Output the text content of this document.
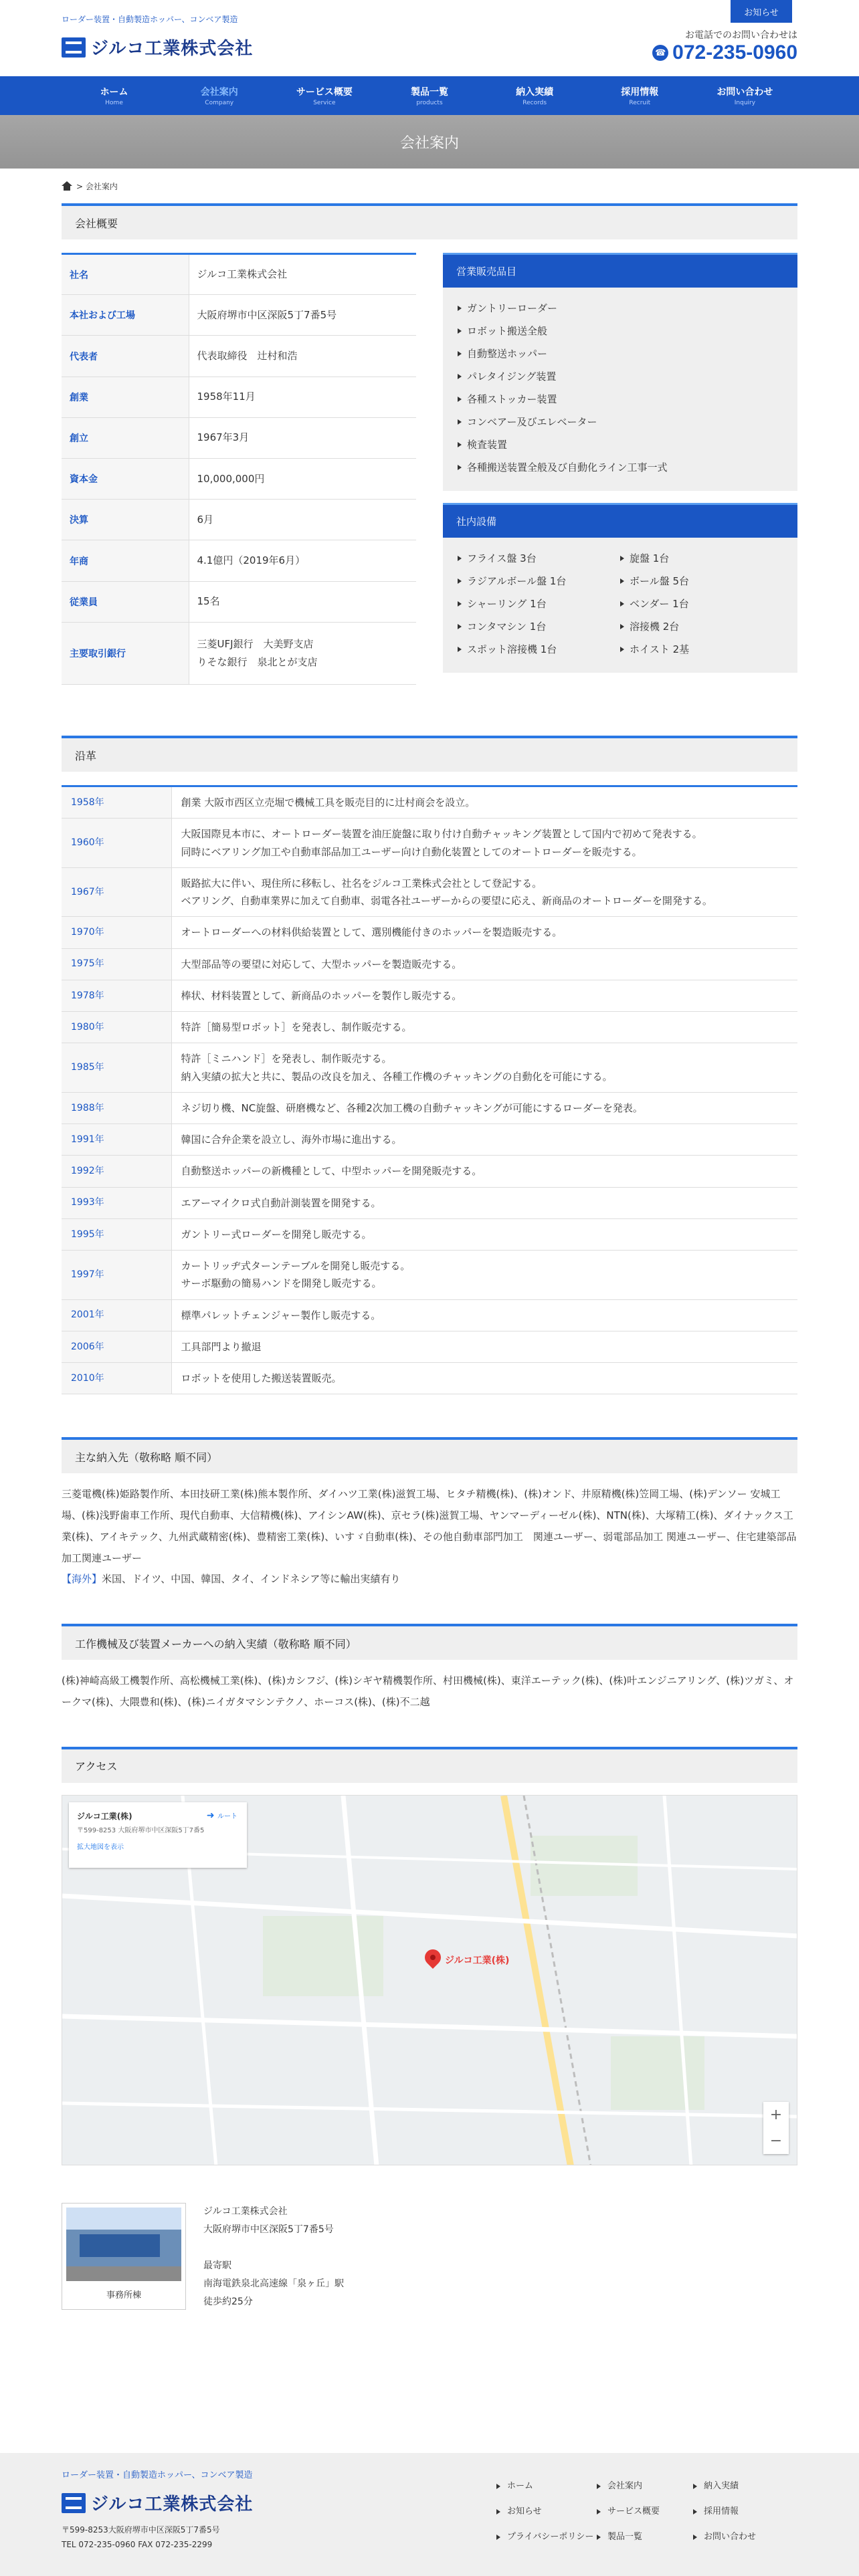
ローダー装置・自動製造ホッパー、コンベア製造
ジルコ工業株式会社
お知らせ
お電話でのお問い合わせは
☎ 072-235-0960
ホーム
Home
会社案内
Company
サービス概要
Service
製品一覧
products
納入実績
Records
採用情報
Recruit
お問い合わせ
Inquiry
会社案内
> 会社案内
会社概要
社名	ジルコ工業株式会社
本社および工場	大阪府堺市中区深阪5丁7番5号
代表者	代表取締役　辻村和浩
創業	1958年11月
創立	1967年3月
資本金	10,000,000円
決算	6月
年商	4.1億円（2019年6月）
従業員	15名
主要取引銀行	三菱UFJ銀行　大美野支店
りそな銀行　泉北とが支店
営業販売品目
ガントリーローダー
ロボット搬送全般
自動整送ホッパー
パレタイジング装置
各種ストッカー装置
コンベアー及びエレベーター
検査装置
各種搬送装置全般及び自動化ライン工事一式
社内設備
フライス盤 3台	旋盤 1台
ラジアルボール盤 1台	ボール盤 5台
シャーリング 1台	ベンダー 1台
コンタマシン 1台	溶接機 2台
スポット溶接機 1台	ホイスト 2基
沿革
1958年	創業 大阪市西区立売堀で機械工具を販売目的に辻村商会を設立。
1960年	大阪国際見本市に、オートローダー装置を油圧旋盤に取り付け自動チャッキング装置として国内で初めて発表する。
同時にベアリング加工や自動車部品加工ユーザー向け自動化装置としてのオートローダーを販売する。
1967年	販路拡大に伴い、現住所に移転し、社名をジルコ工業株式会社として登記する。
ベアリング、自動車業界に加えて自動車、弱電各社ユーザーからの要望に応え、新商品のオートローダーを開発する。
1970年	オートローダーへの材料供給装置として、選別機能付きのホッパーを製造販売する。
1975年	大型部品等の要望に対応して、大型ホッパーを製造販売する。
1978年	棒状、材料装置として、新商品のホッパーを製作し販売する。
1980年	特許［簡易型ロボット］を発表し、制作販売する。
1985年	特許［ミニハンド］を発表し、制作販売する。
納入実績の拡大と共に、製品の改良を加え、各種工作機のチャッキングの自動化を可能にする。
1988年	ネジ切り機、NC旋盤、研磨機など、各種2次加工機の自動チャッキングが可能にするローダーを発表。
1991年	韓国に合弁企業を設立し、海外市場に進出する。
1992年	自動整送ホッパーの新機種として、中型ホッパーを開発販売する。
1993年	エアーマイクロ式自動計測装置を開発する。
1995年	ガントリー式ローダーを開発し販売する。
1997年	カートリッヂ式ターンテーブルを開発し販売する。
サーボ駆動の簡易ハンドを開発し販売する。
2001年	標準パレットチェンジャー製作し販売する。
2006年	工具部門より撤退
2010年	ロボットを使用した搬送装置販売。
主な納入先（敬称略 順不同）
三菱電機(株)姫路製作所、本田技研工業(株)熊本製作所、ダイハツ工業(株)滋賀工場、ヒタチ精機(株)、(株)オンド、井原精機(株)笠岡工場、(株)デンソー 安城工場、(株)浅野歯車工作所、現代自動車、大信精機(株)、アイシンAW(株)、京セラ(株)滋賀工場、ヤンマーディーゼル(株)、NTN(株)、大塚精工(株)、ダイナックス工業(株)、アイキテック、九州武蔵精密(株)、豊精密工業(株)、いすゞ自動車(株)、その他自動車部門加工　関連ユーザー、弱電部品加工 関連ユーザー、住宅建築部品加工関連ユーザー
【海外】米国、ドイツ、中国、韓国、タイ、インドネシア等に輸出実績有り
工作機械及び装置メーカーへの納入実績（敬称略 順不同）
(株)神崎高級工機製作所、高松機械工業(株)、(株)カシフジ、(株)シギヤ精機製作所、村田機械(株)、東洋エーテック(株)、(株)叶エンジニアリング、(株)ツガミ、オークマ(株)、大隈豊和(株)、(株)ニイガタマシンテクノ、ホーコス(株)、(株)不二越
アクセス
ジルコ工業(株)
〒599-8253 大阪府堺市中区深阪5丁7番5
拡大地図を表示
➜ ルート
ジルコ工業(株)
+
−
事務所棟
ジルコ工業株式会社
大阪府堺市中区深阪5丁7番5号

最寄駅
南海電鉄泉北高速線「泉ヶ丘」駅
徒歩約25分
ローダー装置・自動製造ホッパー、コンベア製造
ジルコ工業株式会社
〒599-8253大阪府堺市中区深阪5丁7番5号
TEL 072-235-0960 FAX 072-235-2299
ホーム	会社案内	納入実績
お知らせ	サービス概要	採用情報
プライバシーポリシー	製品一覧	お問い合わせ
